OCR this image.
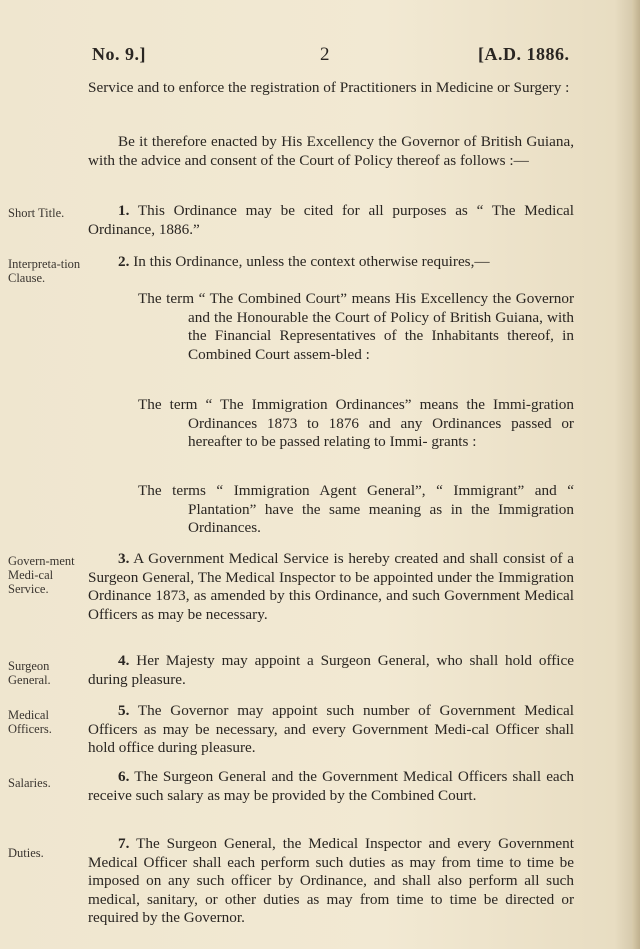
No. 9.]	2	[A.D. 1886.
Service and to enforce the registration of Practitioners in Medicine or Surgery :
Be it therefore enacted by His Excellency the Governor of British Guiana, with the advice and consent of the Court of Policy thereof as follows :—
Short Title.	1. This Ordinance may be cited for all purposes as “ The Medical Ordinance, 1886.”
Interpreta-tion Clause.
2. In this Ordinance, unless the context otherwise requires,—
The term “ The Combined Court” means His Excellency the Governor and the Honourable the Court of Policy of British Guiana, with the Financial Representatives of the Inhabitants thereof, in Combined Court assem-bled :
The term “ The Immigration Ordinances” means the Immi-gration Ordinances 1873 to 1876 and any Ordinances passed or hereafter to be passed relating to Immi- grants :
The terms “ Immigration Agent General”, “ Immigrant” and “ Plantation” have the same meaning as in the Immigration Ordinances.
Govern-ment Medi-cal Service.
3. A Government Medical Service is hereby created and shall consist of a Surgeon General, The Medical Inspector to be appointed under the Immigration Ordinance 1873, as amended by this Ordinance, and such Government Medical Officers as may be necessary.
Surgeon General.
4. Her Majesty may appoint a Surgeon General, who shall hold office during pleasure.
Medical Officers.
5. The Governor may appoint such number of Government Medical Officers as may be necessary, and every Government Medi-cal Officer shall hold office during pleasure.
Salaries.	6. The Surgeon General and the Government Medical Officers shall each receive such salary as may be provided by the Combined Court.
Duties.
7. The Surgeon General, the Medical Inspector and every Government Medical Officer shall each perform such duties as may from time to time be imposed on any such officer by Ordinance, and shall also perform all such medical, sanitary, or other duties as may from time to time be directed or required by the Governor.
